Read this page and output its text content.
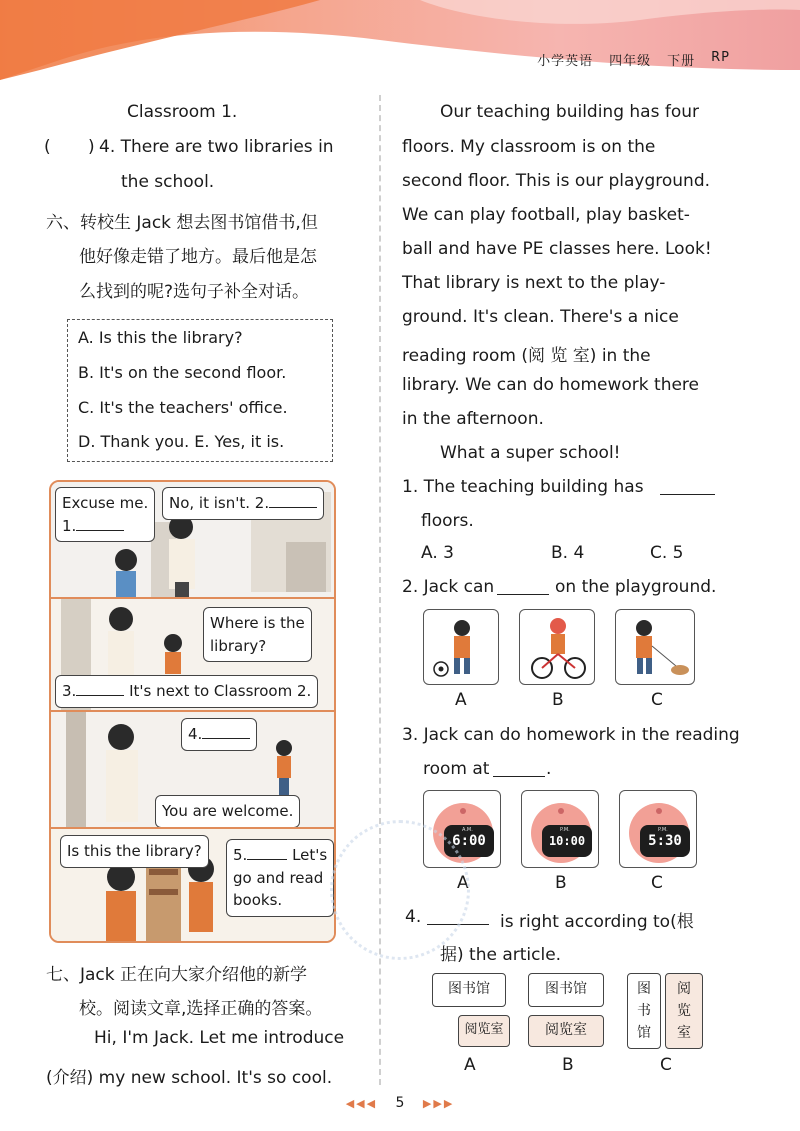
小学英语 四年级 下册 RP
Classroom 1.
( ) 4. There are two libraries in
the school.
六、转校生 Jack 想去图书馆借书,但
他好像走错了地方。最后他是怎
么找到的呢?选句子补全对话。
A. Is this the library?
B. It's on the second floor.
C. It's the teachers' office.
D. Thank you. E. Yes, it is.
Excuse me.
1.
No, it isn't. 2.
Where is the
library?
3.	It's next to Classroom 2.
4.
You are welcome.
Is this the library?	5.	Let's
go and read
books.
七、Jack 正在向大家介绍他的新学
校。阅读文章,选择正确的答案。
Hi, I'm Jack. Let me introduce
(介绍) my new school. It's so cool.
Our teaching building has four
floors. My classroom is on the
second floor. This is our playground.
We can play football, play basket-
ball and have PE classes here. Look!
That library is next to the play-
ground. It's clean. There's a nice
reading room (阅 览 室) in the
library. We can do homework there
in the afternoon.
What a super school!
1. The teaching building has
floors.
A. 3	B. 4	C. 5
2. Jack can	on the playground.
A	B	C
3. Jack can do homework in the reading
room at	.
6:00
A.M.
10:00
P.M.
5:30
P.M.
A	B	C
4.	is right according to(根
据) the article.
图书馆
阅览室
图书馆
阅览室
图
书
馆
阅
览
室
A	B	C
◀◀◀ 5 ▶▶▶
